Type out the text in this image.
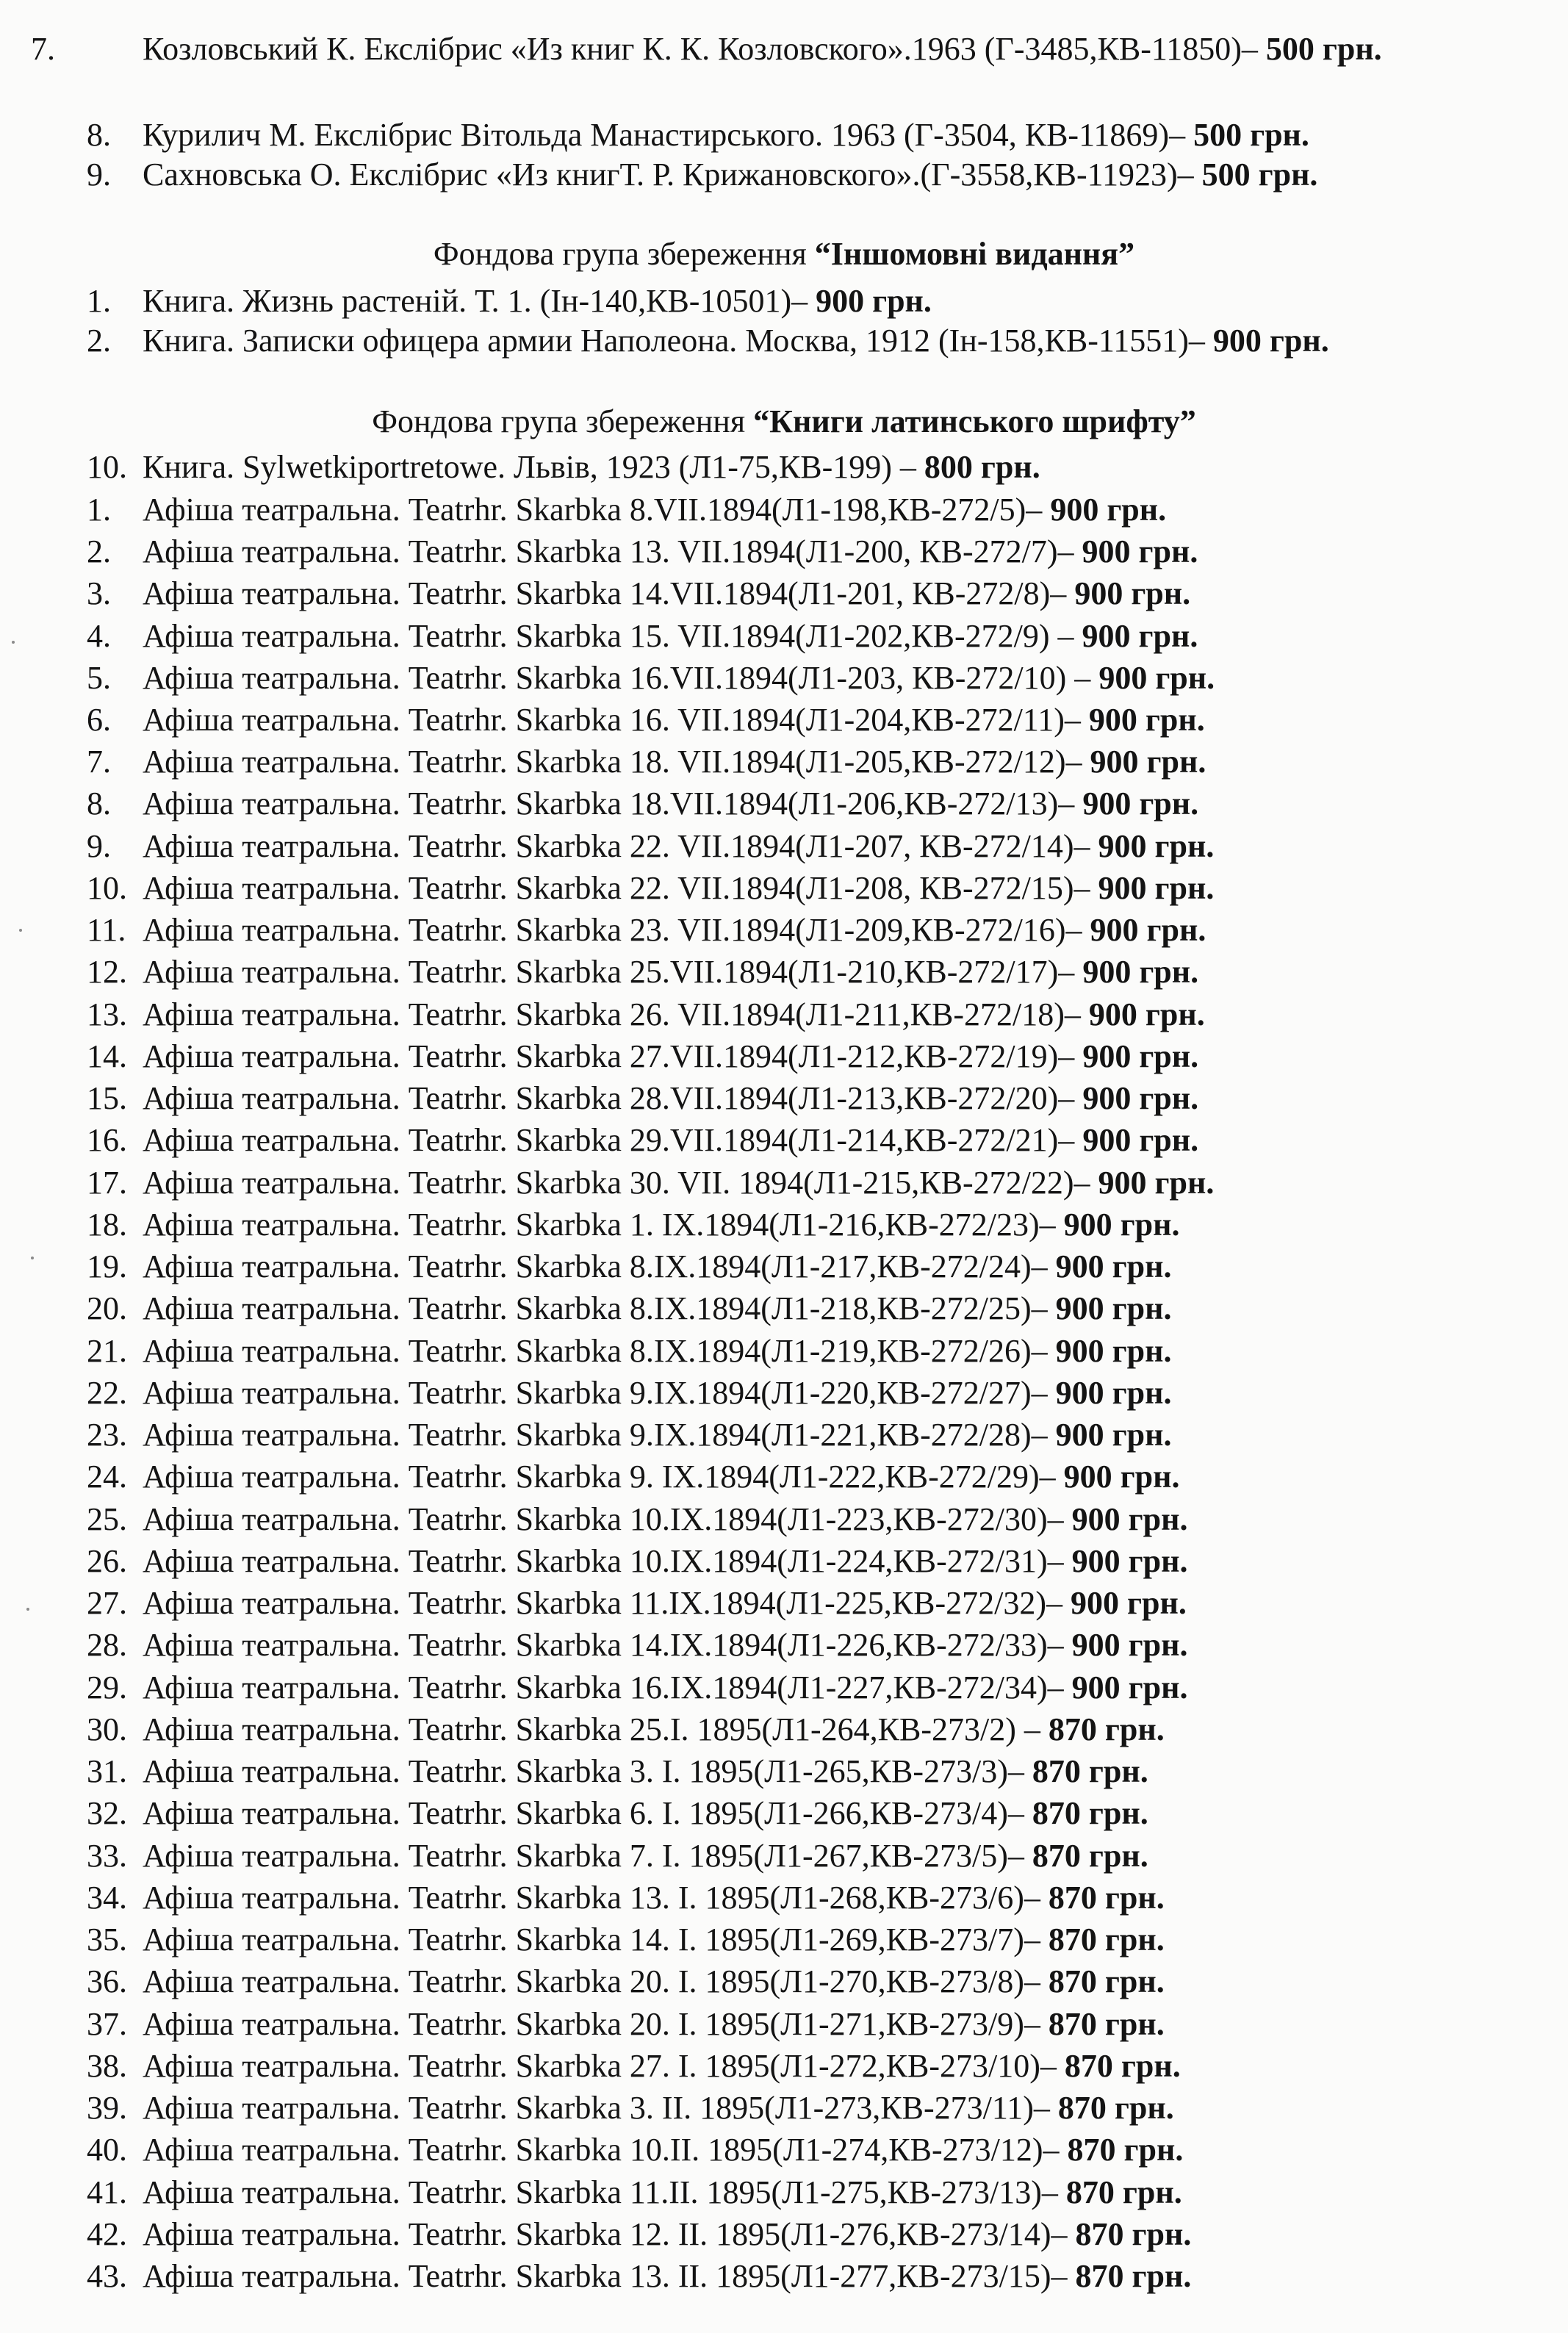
7.	Козловський К. Екслібрис «Из книг К. К. Козловского».1963 (Г-3485,КВ-11850)– 500 грн.
8. Курилич М. Екслібрис Вітольда Манастирського. 1963 (Г-3504, КВ-11869)– 500 грн.
9. Сахновська О. Екслібрис «Из книгТ. Р. Крижановского».(Г-3558,КВ-11923)– 500 грн.
Фондова група збереження “Іншомовні видання”
1. Книга. Жизнь растеній. Т. 1. (Ін-140,КВ-10501)– 900 грн.
2. Книга. Записки офицера армии Наполеона. Москва, 1912 (Ін-158,КВ-11551)– 900 грн.
Фондова група збереження “Книги латинського шрифту”
10. Книга. Sylwetkiportretowe. Львів, 1923 (Л1-75,КВ-199) – 800 грн.
1. Афіша театральна. Teatrhr. Skarbka 8.VII.1894(Л1-198,КВ-272/5)– 900 грн.
2. Афіша театральна. Teatrhr. Skarbka 13. VII.1894(Л1-200, КВ-272/7)– 900 грн.
3. Афіша театральна. Teatrhr. Skarbka 14.VII.1894(Л1-201, КВ-272/8)– 900 грн.
4. Афіша театральна. Teatrhr. Skarbka 15. VII.1894(Л1-202,КВ-272/9) – 900 грн.
5. Афіша театральна. Teatrhr. Skarbka 16.VII.1894(Л1-203, КВ-272/10) – 900 грн.
6. Афіша театральна. Teatrhr. Skarbka 16. VII.1894(Л1-204,КВ-272/11)– 900 грн.
7. Афіша театральна. Teatrhr. Skarbka 18. VII.1894(Л1-205,КВ-272/12)– 900 грн.
8. Афіша театральна. Teatrhr. Skarbka 18.VII.1894(Л1-206,КВ-272/13)– 900 грн.
9. Афіша театральна. Teatrhr. Skarbka 22. VII.1894(Л1-207, КВ-272/14)– 900 грн.
10. Афіша театральна. Teatrhr. Skarbka 22. VII.1894(Л1-208, КВ-272/15)– 900 грн.
11. Афіша театральна. Teatrhr. Skarbka 23. VII.1894(Л1-209,КВ-272/16)– 900 грн.
12. Афіша театральна. Teatrhr. Skarbka 25.VII.1894(Л1-210,КВ-272/17)– 900 грн.
13. Афіша театральна. Teatrhr. Skarbka 26. VII.1894(Л1-211,КВ-272/18)– 900 грн.
14. Афіша театральна. Teatrhr. Skarbka 27.VII.1894(Л1-212,КВ-272/19)– 900 грн.
15. Афіша театральна. Teatrhr. Skarbka 28.VII.1894(Л1-213,КВ-272/20)– 900 грн.
16. Афіша театральна. Teatrhr. Skarbka 29.VII.1894(Л1-214,КВ-272/21)– 900 грн.
17. Афіша театральна. Teatrhr. Skarbka 30. VII. 1894(Л1-215,КВ-272/22)– 900 грн.
18. Афіша театральна. Teatrhr. Skarbka 1. IX.1894(Л1-216,КВ-272/23)– 900 грн.
19. Афіша театральна. Teatrhr. Skarbka 8.IX.1894(Л1-217,КВ-272/24)– 900 грн.
20. Афіша театральна. Teatrhr. Skarbka 8.IX.1894(Л1-218,КВ-272/25)– 900 грн.
21. Афіша театральна. Teatrhr. Skarbka 8.IX.1894(Л1-219,КВ-272/26)– 900 грн.
22. Афіша театральна. Teatrhr. Skarbka 9.IX.1894(Л1-220,КВ-272/27)– 900 грн.
23. Афіша театральна. Teatrhr. Skarbka 9.IX.1894(Л1-221,КВ-272/28)– 900 грн.
24. Афіша театральна. Teatrhr. Skarbka 9. IX.1894(Л1-222,КВ-272/29)– 900 грн.
25. Афіша театральна. Teatrhr. Skarbka 10.IX.1894(Л1-223,КВ-272/30)– 900 грн.
26. Афіша театральна. Teatrhr. Skarbka 10.IX.1894(Л1-224,КВ-272/31)– 900 грн.
27. Афіша театральна. Teatrhr. Skarbka 11.IX.1894(Л1-225,КВ-272/32)– 900 грн.
28. Афіша театральна. Teatrhr. Skarbka 14.IX.1894(Л1-226,КВ-272/33)– 900 грн.
29. Афіша театральна. Teatrhr. Skarbka 16.IX.1894(Л1-227,КВ-272/34)– 900 грн.
30. Афіша театральна. Teatrhr. Skarbka 25.I. 1895(Л1-264,КВ-273/2) – 870 грн.
31. Афіша театральна. Teatrhr. Skarbka 3. I. 1895(Л1-265,КВ-273/3)– 870 грн.
32. Афіша театральна. Teatrhr. Skarbka 6. I. 1895(Л1-266,КВ-273/4)– 870 грн.
33. Афіша театральна. Teatrhr. Skarbka 7. I. 1895(Л1-267,КВ-273/5)– 870 грн.
34. Афіша театральна. Teatrhr. Skarbka 13. I. 1895(Л1-268,КВ-273/6)– 870 грн.
35. Афіша театральна. Teatrhr. Skarbka 14. I. 1895(Л1-269,КВ-273/7)– 870 грн.
36. Афіша театральна. Teatrhr. Skarbka 20. I. 1895(Л1-270,КВ-273/8)– 870 грн.
37. Афіша театральна. Teatrhr. Skarbka 20. I. 1895(Л1-271,КВ-273/9)– 870 грн.
38. Афіша театральна. Teatrhr. Skarbka 27. I. 1895(Л1-272,КВ-273/10)– 870 грн.
39. Афіша театральна. Teatrhr. Skarbka 3. II. 1895(Л1-273,КВ-273/11)– 870 грн.
40. Афіша театральна. Teatrhr. Skarbka 10.II. 1895(Л1-274,КВ-273/12)– 870 грн.
41. Афіша театральна. Teatrhr. Skarbka 11.II. 1895(Л1-275,КВ-273/13)– 870 грн.
42. Афіша театральна. Teatrhr. Skarbka 12. II. 1895(Л1-276,КВ-273/14)– 870 грн.
43. Афіша театральна. Teatrhr. Skarbka 13. II. 1895(Л1-277,КВ-273/15)– 870 грн.
